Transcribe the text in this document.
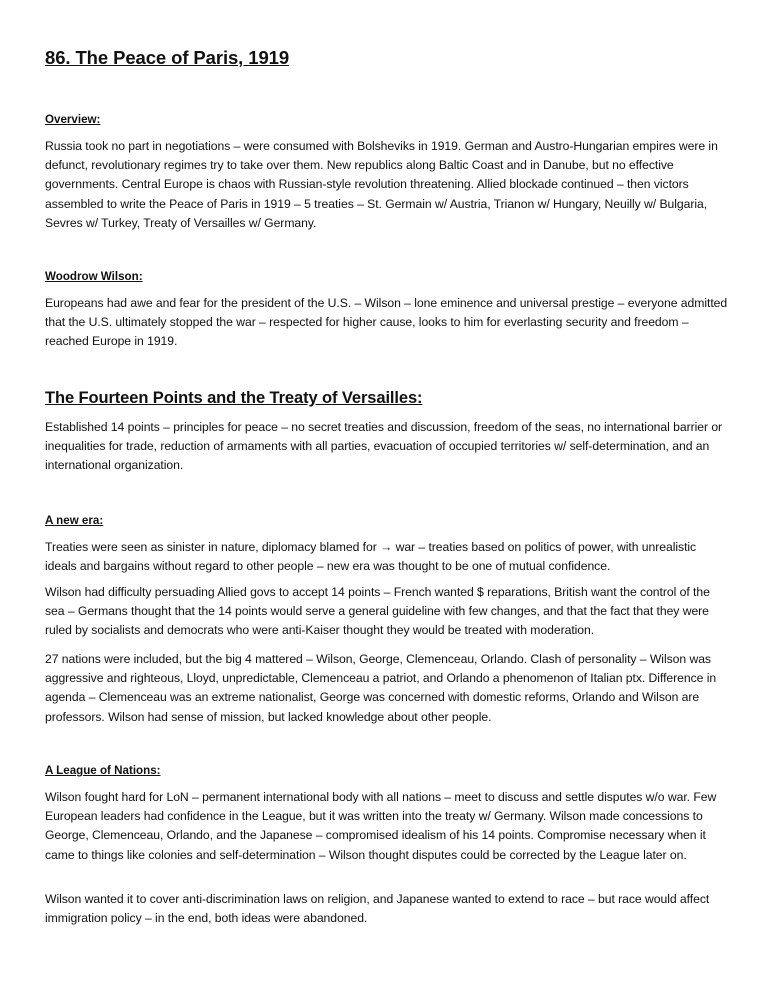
86. The Peace of Paris, 1919
Overview:

Russia took no part in negotiations – were consumed with Bolsheviks in 1919. German and Austro-Hungarian empires were in defunct, revolutionary regimes try to take over them. New republics along Baltic Coast and in Danube, but no effective governments. Central Europe is chaos with Russian-style revolution threatening. Allied blockade continued – then victors assembled to write the Peace of Paris in 1919 – 5 treaties – St. Germain w/ Austria, Trianon w/ Hungary, Neuilly w/ Bulgaria, Sevres w/ Turkey, Treaty of Versailles w/ Germany.

Woodrow Wilson:

Europeans had awe and fear for the president of the U.S. – Wilson – lone eminence and universal prestige – everyone admitted that the U.S. ultimately stopped the war – respected for higher cause, looks to him for everlasting security and freedom – reached Europe in 1919.

The Fourteen Points and the Treaty of Versailles:

Established 14 points – principles for peace – no secret treaties and discussion, freedom of the seas, no international barrier or inequalities for trade, reduction of armaments with all parties, evacuation of occupied territories w/ self-determination, and an international organization.

A new era:

Treaties were seen as sinister in nature, diplomacy blamed for → war – treaties based on politics of power, with unrealistic ideals and bargains without regard to other people – new era was thought to be one of mutual confidence.

Wilson had difficulty persuading Allied govs to accept 14 points – French wanted $ reparations, British want the control of the sea – Germans thought that the 14 points would serve a general guideline with few changes, and that the fact that they were ruled by socialists and democrats who were anti-Kaiser thought they would be treated with moderation.

27 nations were included, but the big 4 mattered – Wilson, George, Clemenceau, Orlando. Clash of personality – Wilson was aggressive and righteous, Lloyd, unpredictable, Clemenceau a patriot, and Orlando a phenomenon of Italian ptx. Difference in agenda – Clemenceau was an extreme nationalist, George was concerned with domestic reforms, Orlando and Wilson are professors. Wilson had sense of mission, but lacked knowledge about other people.

A League of Nations:

Wilson fought hard for LoN – permanent international body with all nations – meet to discuss and settle disputes w/o war. Few European leaders had confidence in the League, but it was written into the treaty w/ Germany. Wilson made concessions to George, Clemenceau, Orlando, and the Japanese – compromised idealism of his 14 points. Compromise necessary when it came to things like colonies and self-determination – Wilson thought disputes could be corrected by the League later on.

Wilson wanted it to cover anti-discrimination laws on religion, and Japanese wanted to extend to race – but race would affect immigration policy – in the end, both ideas were abandoned.
